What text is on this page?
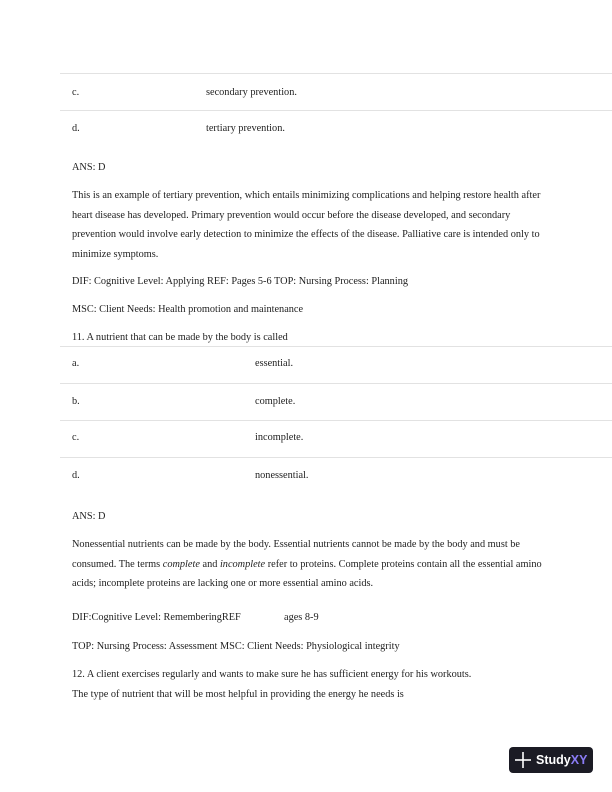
c.	secondary prevention.
d.	tertiary prevention.
ANS: D
This is an example of tertiary prevention, which entails minimizing complications and helping restore health after heart disease has developed. Primary prevention would occur before the disease developed, and secondary prevention would involve early detection to minimize the effects of the disease. Palliative care is intended only to minimize symptoms.
DIF: Cognitive Level: Applying REF: Pages 5-6 TOP: Nursing Process: Planning
MSC: Client Needs: Health promotion and maintenance
11. A nutrient that can be made by the body is called
a.	essential.
b.	complete.
c.	incomplete.
d.	nonessential.
ANS: D
Nonessential nutrients can be made by the body. Essential nutrients cannot be made by the body and must be consumed. The terms complete and incomplete refer to proteins. Complete proteins contain all the essential amino acids; incomplete proteins are lacking one or more essential amino acids.
DIF:Cognitive Level: RememberingREF	ages 8-9
TOP: Nursing Process: Assessment MSC: Client Needs: Physiological integrity
12. A client exercises regularly and wants to make sure he has sufficient energy for his workouts.
The type of nutrient that will be most helpful in providing the energy he needs is
Study XY
